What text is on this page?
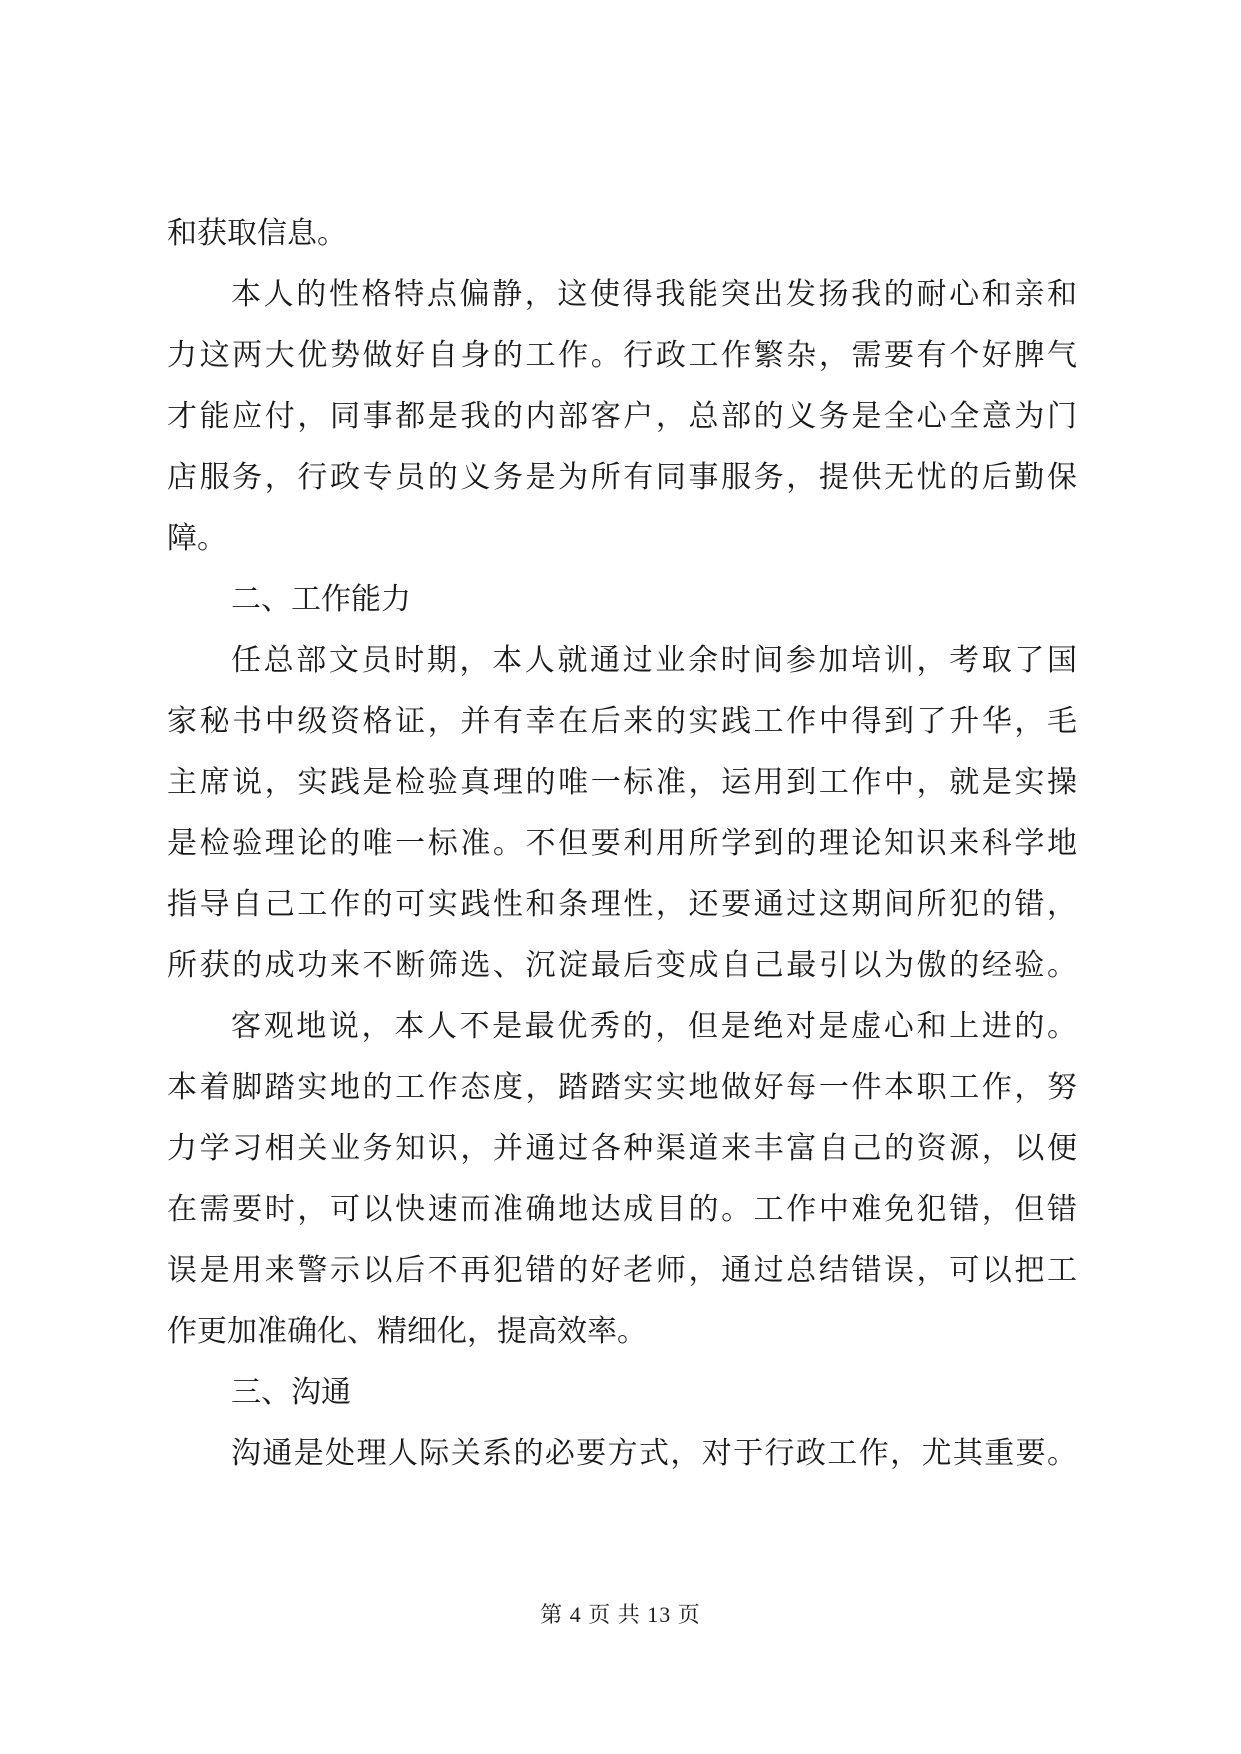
和获取信息。
本人的性格特点偏静，这使得我能突出发扬我的耐心和亲和
力这两大优势做好自身的工作。行政工作繁杂，需要有个好脾气
才能应付，同事都是我的内部客户，总部的义务是全心全意为门
店服务，行政专员的义务是为所有同事服务，提供无忧的后勤保
障。
二、工作能力
任总部文员时期，本人就通过业余时间参加培训，考取了国
家秘书中级资格证，并有幸在后来的实践工作中得到了升华，毛
主席说，实践是检验真理的唯一标准，运用到工作中，就是实操
是检验理论的唯一标准。不但要利用所学到的理论知识来科学地
指导自己工作的可实践性和条理性，还要通过这期间所犯的错，
所获的成功来不断筛选、沉淀最后变成自己最引以为傲的经验。
客观地说，本人不是最优秀的，但是绝对是虚心和上进的。
本着脚踏实地的工作态度，踏踏实实地做好每一件本职工作，努
力学习相关业务知识，并通过各种渠道来丰富自己的资源，以便
在需要时，可以快速而准确地达成目的。工作中难免犯错，但错
误是用来警示以后不再犯错的好老师，通过总结错误，可以把工
作更加准确化、精细化，提高效率。
三、沟通
沟通是处理人际关系的必要方式，对于行政工作，尤其重要。
第 4 页 共 13 页
